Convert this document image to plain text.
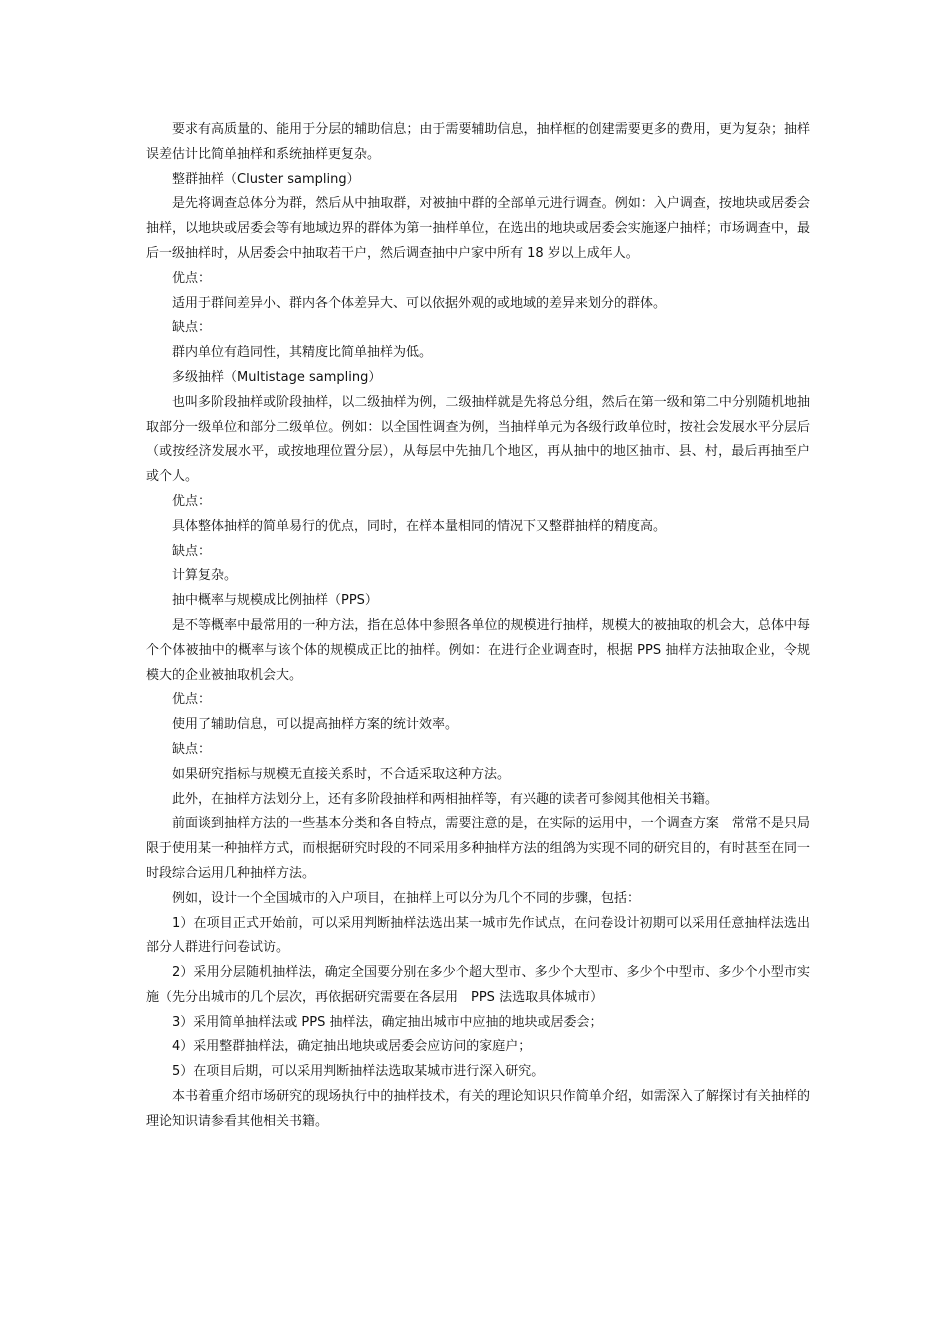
要求有高质量的、能用于分层的辅助信息；由于需要辅助信息，抽样框的创建需要更多的费用，更为复杂；抽样误差估计比简单抽样和系统抽样更复杂。

整群抽样（Cluster sampling）

是先将调查总体分为群，然后从中抽取群，对被抽中群的全部单元进行调查。例如：入户调查，按地块或居委会抽样，以地块或居委会等有地域边界的群体为第一抽样单位，在选出的地块或居委会实施逐户抽样；市场调查中，最后一级抽样时，从居委会中抽取若干户，然后调查抽中户家中所有 18 岁以上成年人。

优点：

适用于群间差异小、群内各个体差异大、可以依据外观的或地域的差异来划分的群体。

缺点：

群内单位有趋同性，其精度比简单抽样为低。

多级抽样（Multistage sampling）

也叫多阶段抽样或阶段抽样，以二级抽样为例，二级抽样就是先将总分组，然后在第一级和第二中分别随机地抽取部分一级单位和部分二级单位。例如：以全国性调查为例，当抽样单元为各级行政单位时，按社会发展水平分层后（或按经济发展水平，或按地理位置分层），从每层中先抽几个地区，再从抽中的地区抽市、县、村，最后再抽至户或个人。

优点：

具体整体抽样的简单易行的优点，同时，在样本量相同的情况下又整群抽样的精度高。

缺点：

计算复杂。

抽中概率与规模成比例抽样（PPS）

是不等概率中最常用的一种方法，指在总体中参照各单位的规模进行抽样，规模大的被抽取的机会大，总体中每个个体被抽中的概率与该个体的规模成正比的抽样。例如：在进行企业调查时，根据 PPS 抽样方法抽取企业，令规模大的企业被抽取机会大。

优点：

使用了辅助信息，可以提高抽样方案的统计效率。

缺点：

如果研究指标与规模无直接关系时，不合适采取这种方法。

此外，在抽样方法划分上，还有多阶段抽样和两相抽样等，有兴趣的读者可参阅其他相关书籍。

前面谈到抽样方法的一些基本分类和各自特点，需要注意的是，在实际的运用中，一个调查方案　常常不是只局限于使用某一种抽样方式，而根据研究时段的不同采用多种抽样方法的组鸽为实现不同的研究目的，有时甚至在同一时段综合运用几种抽样方法。

例如，设计一个全国城市的入户项目，在抽样上可以分为几个不同的步骤，包括：

1）在项目正式开始前，可以采用判断抽样法选出某一城市先作试点，在问卷设计初期可以采用任意抽样法选出部分人群进行问卷试访。

2）采用分层随机抽样法，确定全国要分别在多少个超大型市、多少个大型市、多少个中型市、多少个小型市实施（先分出城市的几个层次，再依据研究需要在各层用　PPS 法选取具体城市）

3）采用简单抽样法或 PPS 抽样法，确定抽出城市中应抽的地块或居委会；

4）采用整群抽样法，确定抽出地块或居委会应访问的家庭户；

5）在项目后期，可以采用判断抽样法选取某城市进行深入研究。

本书着重介绍市场研究的现场执行中的抽样技术，有关的理论知识只作简单介绍，如需深入了解探讨有关抽样的理论知识请参看其他相关书籍。
